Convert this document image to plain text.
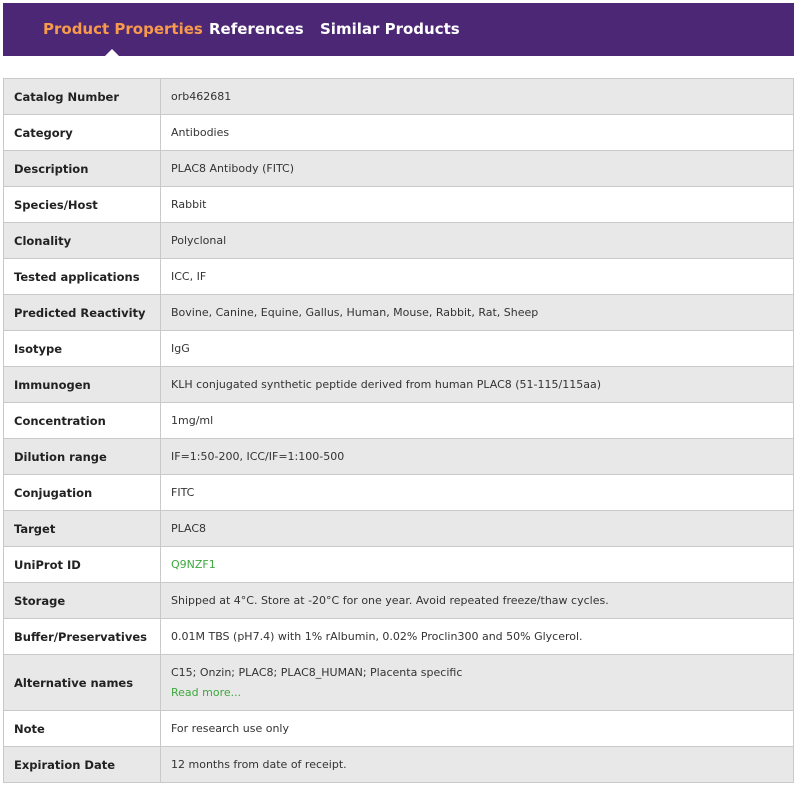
Product Properties References Similar Products
Catalog Number	orb462681
Category	Antibodies
Description	PLAC8 Antibody (FITC)
Species/Host	Rabbit
Clonality	Polyclonal
Tested applications	ICC, IF
Predicted Reactivity	Bovine, Canine, Equine, Gallus, Human, Mouse, Rabbit, Rat, Sheep
Isotype	IgG
Immunogen	KLH conjugated synthetic peptide derived from human PLAC8 (51-115/115aa)
Concentration	1mg/ml
Dilution range	IF=1:50-200, ICC/IF=1:100-500
Conjugation	FITC
Target	PLAC8
UniProt ID	Q9NZF1
Storage	Shipped at 4°C. Store at -20°C for one year. Avoid repeated freeze/thaw cycles.
Buffer/Preservatives	0.01M TBS (pH7.4) with 1% rAlbumin, 0.02% Proclin300 and 50% Glycerol.
Alternative names	C15; Onzin; PLAC8; PLAC8_HUMAN; Placenta specific
Read more...

Note	For research use only
Expiration Date	12 months from date of receipt.
